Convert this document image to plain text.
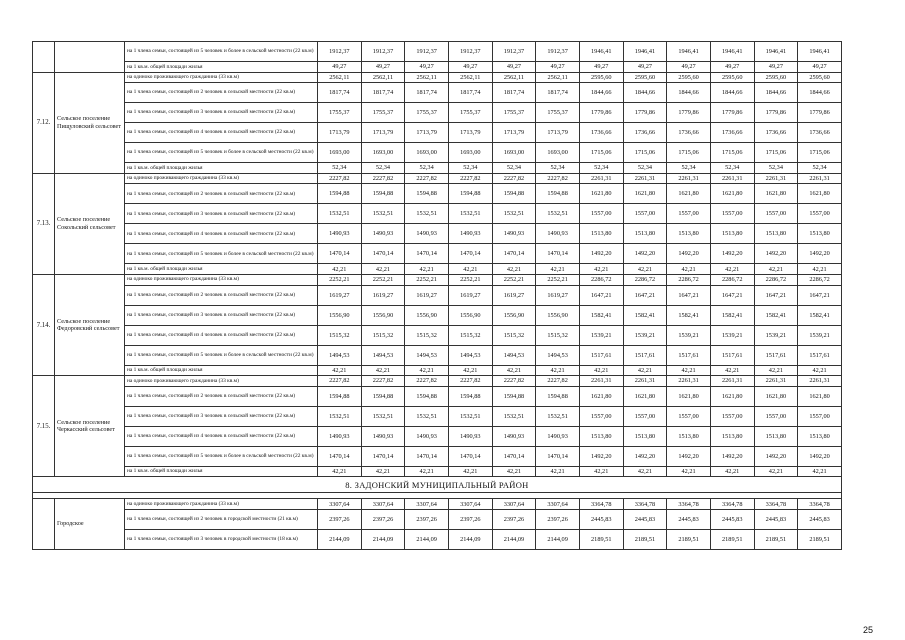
		на 1 члена семьи, состоящей из 5 человек и более в сельской местности (22 кв.м)	1912,37	1912,37	1912,37	1912,37	1912,37	1912,37	1946,41	1946,41	1946,41	1946,41	1946,41	1946,41
		на 1 кв.м. общей площади жилья	49,27	49,27	49,27	49,27	49,27	49,27	49,27	49,27	49,27	49,27	49,27	49,27
7.12.	Сельское поселение Пищуловский сельсовет	на одиноко проживающего гражданина (33 кв.м)	2562,11	2562,11	2562,11	2562,11	2562,11	2562,11	2595,60	2595,60	2595,60	2595,60	2595,60	2595,60
		на 1 члена семьи, состоящей из 2 человек в сельской местности (22 кв.м)	1817,74	1817,74	1817,74	1817,74	1817,74	1817,74	1844,66	1844,66	1844,66	1844,66	1844,66	1844,66
		на 1 члена семьи, состоящей из 3 человек в сельской местности (22 кв.м)	1755,37	1755,37	1755,37	1755,37	1755,37	1755,37	1779,86	1779,86	1779,86	1779,86	1779,86	1779,86
		на 1 члена семьи, состоящей из 4 человек в сельской местности (22 кв.м)	1713,79	1713,79	1713,79	1713,79	1713,79	1713,79	1736,66	1736,66	1736,66	1736,66	1736,66	1736,66
		на 1 члена семьи, состоящей из 5 человек и более в сельской местности (22 кв.м)	1693,00	1693,00	1693,00	1693,00	1693,00	1693,00	1715,06	1715,06	1715,06	1715,06	1715,06	1715,06
		на 1 кв.м. общей площади жилья	52,34	52,34	52,34	52,34	52,34	52,34	52,34	52,34	52,34	52,34	52,34	52,34
7.13.	Сельское поселение Сокольский сельсовет	на одиноко проживающего гражданина (33 кв.м)	2227,82	2227,82	2227,82	2227,82	2227,82	2227,82	2261,31	2261,31	2261,31	2261,31	2261,31	2261,31
		на 1 члена семьи, состоящей из 2 человек в сельской местности (22 кв.м)	1594,88	1594,88	1594,88	1594,88	1594,88	1594,88	1621,80	1621,80	1621,80	1621,80	1621,80	1621,80
		на 1 члена семьи, состоящей из 3 человек в сельской местности (22 кв.м)	1532,51	1532,51	1532,51	1532,51	1532,51	1532,51	1557,00	1557,00	1557,00	1557,00	1557,00	1557,00
		на 1 члена семьи, состоящей из 4 человек в сельской местности (22 кв.м)	1490,93	1490,93	1490,93	1490,93	1490,93	1490,93	1513,80	1513,80	1513,80	1513,80	1513,80	1513,80
		на 1 члена семьи, состоящей из 5 человек и более в сельской местности (22 кв.м)	1470,14	1470,14	1470,14	1470,14	1470,14	1470,14	1492,20	1492,20	1492,20	1492,20	1492,20	1492,20
		на 1 кв.м. общей площади жилья	42,21	42,21	42,21	42,21	42,21	42,21	42,21	42,21	42,21	42,21	42,21	42,21
7.14.	Сельское поселение Федоровский сельсовет	на одиноко проживающего гражданина (33 кв.м)	2252,21	2252,21	2252,21	2252,21	2252,21	2252,21	2286,72	2286,72	2286,72	2286,72	2286,72	2286,72
		на 1 члена семьи, состоящей из 2 человек в сельской местности (22 кв.м)	1619,27	1619,27	1619,27	1619,27	1619,27	1619,27	1647,21	1647,21	1647,21	1647,21	1647,21	1647,21
		на 1 члена семьи, состоящей из 3 человек в сельской местности (22 кв.м)	1556,90	1556,90	1556,90	1556,90	1556,90	1556,90	1582,41	1582,41	1582,41	1582,41	1582,41	1582,41
		на 1 члена семьи, состоящей из 4 человек в сельской местности (22 кв.м)	1515,32	1515,32	1515,32	1515,32	1515,32	1515,32	1539,21	1539,21	1539,21	1539,21	1539,21	1539,21
		на 1 члена семьи, состоящей из 5 человек и более в сельской местности (22 кв.м)	1494,53	1494,53	1494,53	1494,53	1494,53	1494,53	1517,61	1517,61	1517,61	1517,61	1517,61	1517,61
		на 1 кв.м. общей площади жилья	42,21	42,21	42,21	42,21	42,21	42,21	42,21	42,21	42,21	42,21	42,21	42,21
7.15.	Сельское поселение Черкасский сельсовет	на одиноко проживающего гражданина (33 кв.м)	2227,82	2227,82	2227,82	2227,82	2227,82	2227,82	2261,31	2261,31	2261,31	2261,31	2261,31	2261,31
		на 1 члена семьи, состоящей из 2 человек в сельской местности (22 кв.м)	1594,88	1594,88	1594,88	1594,88	1594,88	1594,88	1621,80	1621,80	1621,80	1621,80	1621,80	1621,80
		на 1 члена семьи, состоящей из 3 человек в сельской местности (22 кв.м)	1532,51	1532,51	1532,51	1532,51	1532,51	1532,51	1557,00	1557,00	1557,00	1557,00	1557,00	1557,00
		на 1 члена семьи, состоящей из 4 человек в сельской местности (22 кв.м)	1490,93	1490,93	1490,93	1490,93	1490,93	1490,93	1513,80	1513,80	1513,80	1513,80	1513,80	1513,80
		на 1 члена семьи, состоящей из 5 человек и более в сельской местности (22 кв.м)	1470,14	1470,14	1470,14	1470,14	1470,14	1470,14	1492,20	1492,20	1492,20	1492,20	1492,20	1492,20
		на 1 кв.м. общей площади жилья	42,21	42,21	42,21	42,21	42,21	42,21	42,21	42,21	42,21	42,21	42,21	42,21
8. ЗАДОНСКИЙ МУНИЦИПАЛЬНЫЙ РАЙОН														

	Городское	на одиноко проживающего гражданина (33 кв.м)	3307,64	3307,64	3307,64	3307,64	3307,64	3307,64	3364,78	3364,78	3364,78	3364,78	3364,78	3364,78
		на 1 члена семьи, состоящей из 2 человек в городской местности (21 кв.м)	2397,26	2397,26	2397,26	2397,26	2397,26	2397,26	2445,83	2445,83	2445,83	2445,83	2445,83	2445,83
		на 1 члена семьи, состоящей из 3 человек в городской местности (18 кв.м)	2144,09	2144,09	2144,09	2144,09	2144,09	2144,09	2189,51	2189,51	2189,51	2189,51	2189,51	2189,51
25
